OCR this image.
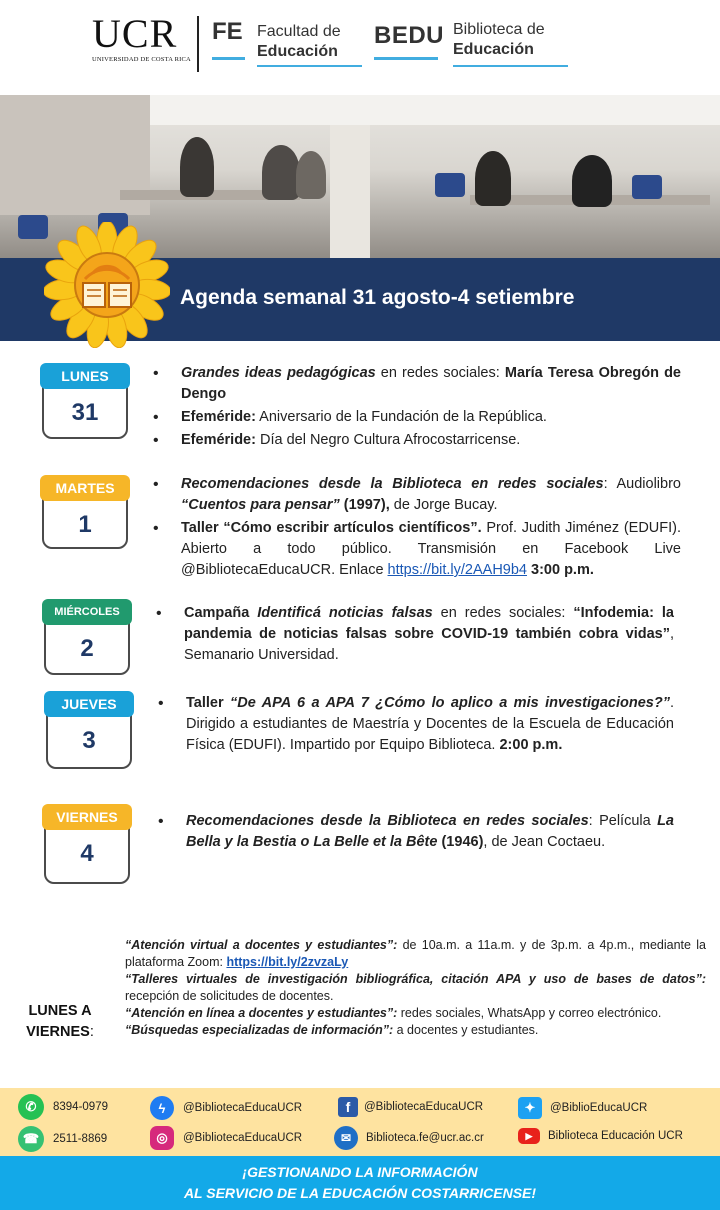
UCR
UNIVERSIDAD DE COSTA RICA
FE Facultad de
Educación
BEDU Biblioteca de
Educación
Agenda semanal 31 agosto-4 setiembre
LUNES
31
• Grandes ideas pedagógicas en redes sociales: María Teresa Obregón de Dengo
• Efeméride: Aniversario de la Fundación de la República.
• Efeméride: Día del Negro Cultura Afrocostarricense.
MARTES
1
• Recomendaciones desde la Biblioteca en redes sociales: Audiolibro “Cuentos para pensar” (1997), de Jorge Bucay.
• Taller “Cómo escribir artículos científicos”. Prof. Judith Jiménez (EDUFI). Abierto a todo público. Transmisión en Facebook Live @BibliotecaEducaUCR. Enlace https://bit.ly/2AAH9b4 3:00 p.m.
MIÉRCOLES
2
• Campaña Identificá noticias falsas en redes sociales: “Infodemia: la pandemia de noticias falsas sobre COVID-19 también cobra vidas”, Semanario Universidad.
JUEVES
3
• Taller “De APA 6 a APA 7 ¿Cómo lo aplico a mis investigaciones?”. Dirigido a estudiantes de Maestría y Docentes de la Escuela de Educación Física (EDUFI). Impartido por Equipo Biblioteca. 2:00 p.m.
VIERNES
4
• Recomendaciones desde la Biblioteca en redes sociales: Película La Bella y la Bestia o La Belle et la Bête (1946), de Jean Coctaeu.
LUNES A
VIERNES:
“Atención virtual a docentes y estudiantes”: de 10a.m. a 11a.m. y de 3p.m. a 4p.m., mediante la plataforma Zoom: https://bit.ly/2zvzaLy
“Talleres virtuales de investigación bibliográfica, citación APA y uso de bases de datos”: recepción de solicitudes de docentes.
“Atención en línea a docentes y estudiantes”: redes sociales, WhatsApp y correo electrónico.
“Búsquedas especializadas de información”: a docentes y estudiantes.
✆	8394-0979
☎	2511-8869
ϟ	@BibliotecaEducaUCR
◎	@BibliotecaEducaUCR
f	@BibliotecaEducaUCR
✉	Biblioteca.fe@ucr.ac.cr
✦	@BiblioEducaUCR
▶	Biblioteca Educación UCR
¡GESTIONANDO LA INFORMACIÓN
AL SERVICIO DE LA EDUCACIÓN COSTARRICENSE!
